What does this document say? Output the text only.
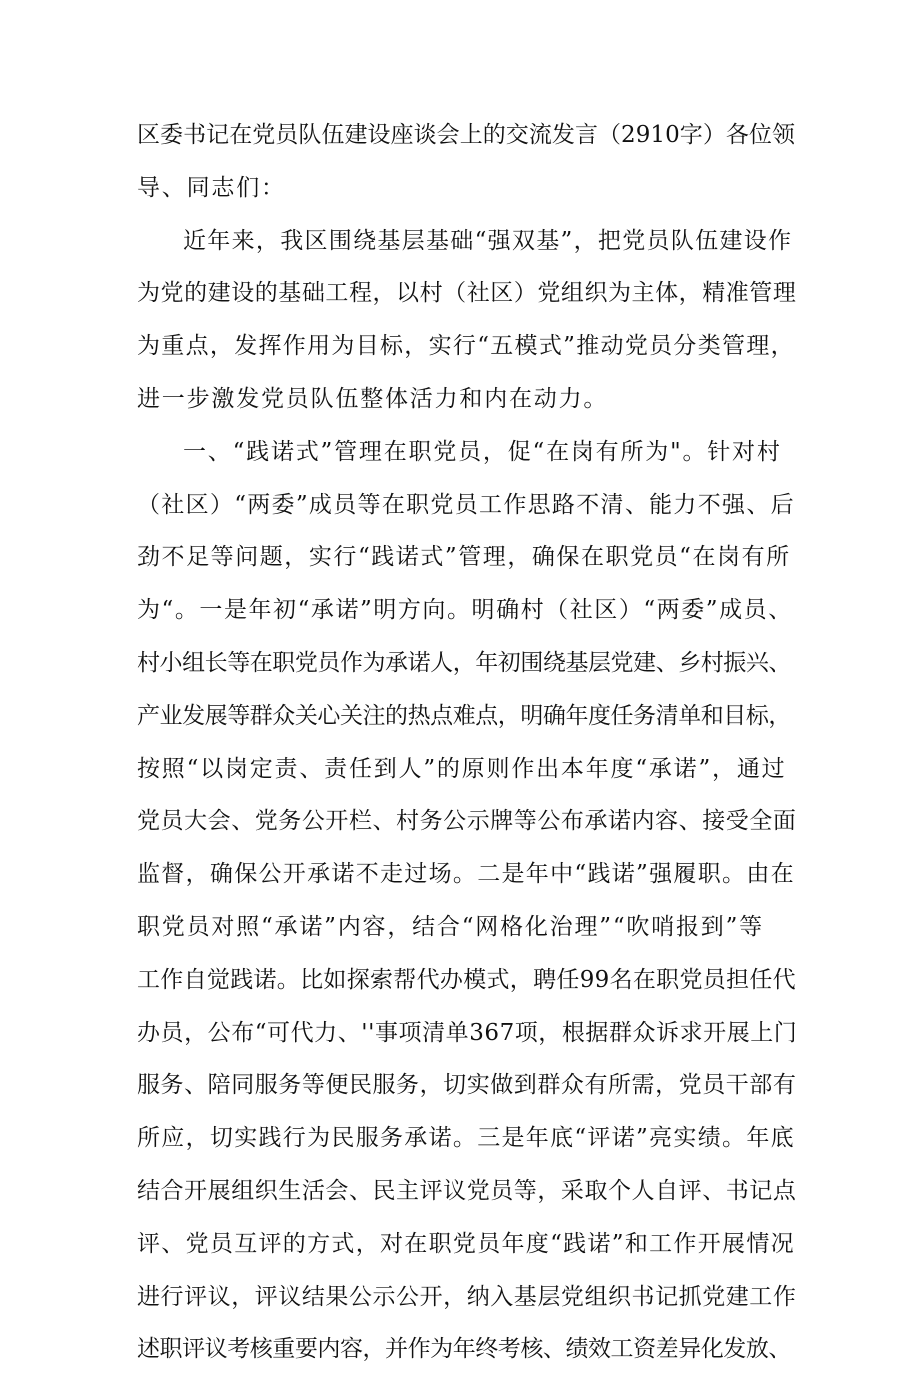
区委书记在党员队伍建设座谈会上的交流发言（2910字）各位领
导、同志们：
近年来，我区围绕基层基础“强双基”，把党员队伍建设作
为党的建设的基础工程，以村（社区）党组织为主体，精准管理
为重点，发挥作用为目标，实行“五模式”推动党员分类管理，
进一步激发党员队伍整体活力和内在动力。
一、“践诺式”管理在职党员，促“在岗有所为"。针对村
（社区）“两委”成员等在职党员工作思路不清、能力不强、后
劲不足等问题，实行“践诺式”管理，确保在职党员“在岗有所
为“。一是年初“承诺”明方向。明确村（社区）“两委”成员、
村小组长等在职党员作为承诺人，年初围绕基层党建、乡村振兴、
产业发展等群众关心关注的热点难点，明确年度任务清单和目标，
按照“以岗定责、责任到人”的原则作出本年度“承诺”，通过
党员大会、党务公开栏、村务公示牌等公布承诺内容、接受全面
监督，确保公开承诺不走过场。二是年中“践诺”强履职。由在
职党员对照“承诺”内容，结合“网格化治理”“吹哨报到”等
工作自觉践诺。比如探索帮代办模式，聘任99名在职党员担任代
办员，公布“可代力、''事项清单367项，根据群众诉求开展上门
服务、陪同服务等便民服务，切实做到群众有所需，党员干部有
所应，切实践行为民服务承诺。三是年底“评诺”亮实绩。年底
结合开展组织生活会、民主评议党员等，采取个人自评、书记点
评、党员互评的方式，对在职党员年度“践诺”和工作开展情况
进行评议，评议结果公示公开，纳入基层党组织书记抓党建工作
述职评议考核重要内容，并作为年终考核、绩效工资差异化发放、
